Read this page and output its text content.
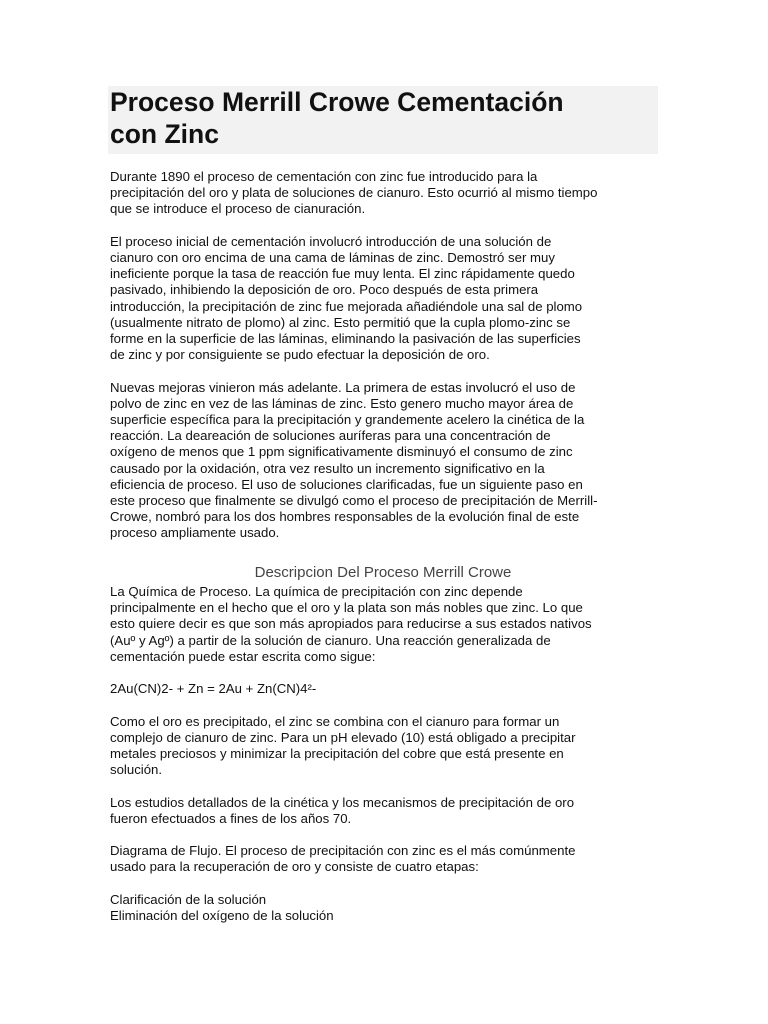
Proceso Merrill Crowe Cementación
con Zinc

Durante 1890 el proceso de cementación con zinc fue introducido para la
precipitación del oro y plata de soluciones de cianuro. Esto ocurrió al mismo tiempo
que se introduce el proceso de cianuración.

El proceso inicial de cementación involucró introducción de una solución de
cianuro con oro encima de una cama de láminas de zinc. Demostró ser muy
ineficiente porque la tasa de reacción fue muy lenta. El zinc rápidamente quedo
pasivado, inhibiendo la deposición de oro. Poco después de esta primera
introducción, la precipitación de zinc fue mejorada añadiéndole una sal de plomo
(usualmente nitrato de plomo) al zinc. Esto permitió que la cupla plomo-zinc se
forme en la superficie de las láminas, eliminando la pasivación de las superficies
de zinc y por consiguiente se pudo efectuar la deposición de oro.

Nuevas mejoras vinieron más adelante. La primera de estas involucró el uso de
polvo de zinc en vez de las láminas de zinc. Esto genero mucho mayor área de
superficie específica para la precipitación y grandemente acelero la cinética de la
reacción. La deareación de soluciones auríferas para una concentración de
oxígeno de menos que 1 ppm significativamente disminuyó el consumo de zinc
causado por la oxidación, otra vez resulto un incremento significativo en la
eficiencia de proceso. El uso de soluciones clarificadas, fue un siguiente paso en
este proceso que finalmente se divulgó como el proceso de precipitación de Merrill-
Crowe, nombró para los dos hombres responsables de la evolución final de este
proceso ampliamente usado.

Descripcion Del Proceso Merrill Crowe

La Química de Proceso. La química de precipitación con zinc depende
principalmente en el hecho que el oro y la plata son más nobles que zinc. Lo que
esto quiere decir es que son más apropiados para reducirse a sus estados nativos
(Auº y Agº) a partir de la solución de cianuro. Una reacción generalizada de
cementación puede estar escrita como sigue:

2Au(CN)2- + Zn = 2Au + Zn(CN)4²-

Como el oro es precipitado, el zinc se combina con el cianuro para formar un
complejo de cianuro de zinc. Para un pH elevado (10) está obligado a precipitar
metales preciosos y minimizar la precipitación del cobre que está presente en
solución.

Los estudios detallados de la cinética y los mecanismos de precipitación de oro
fueron efectuados a fines de los años 70.

Diagrama de Flujo. El proceso de precipitación con zinc es el más comúnmente
usado para la recuperación de oro y consiste de cuatro etapas:

Clarificación de la solución

Eliminación del oxígeno de la solución
